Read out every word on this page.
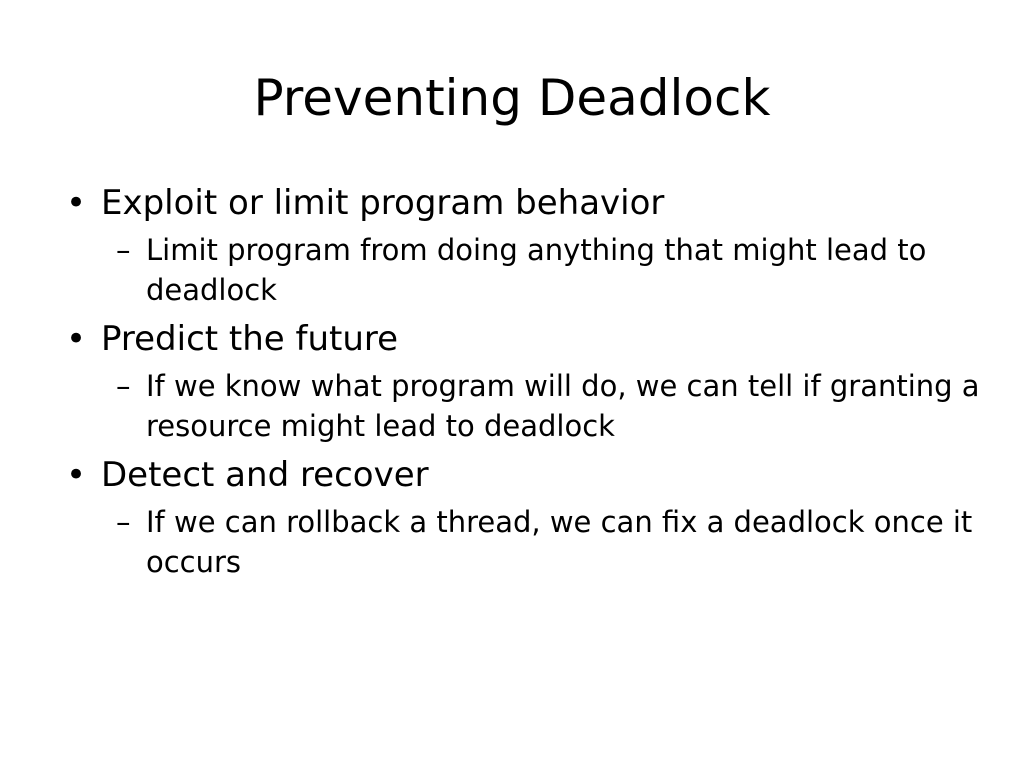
Preventing Deadlock
• Exploit or limit program behavior
– Limit program from doing anything that might lead to deadlock
• Predict the future
– If we know what program will do, we can tell if granting a resource might lead to deadlock
• Detect and recover
– If we can rollback a thread, we can fix a deadlock once it occurs
